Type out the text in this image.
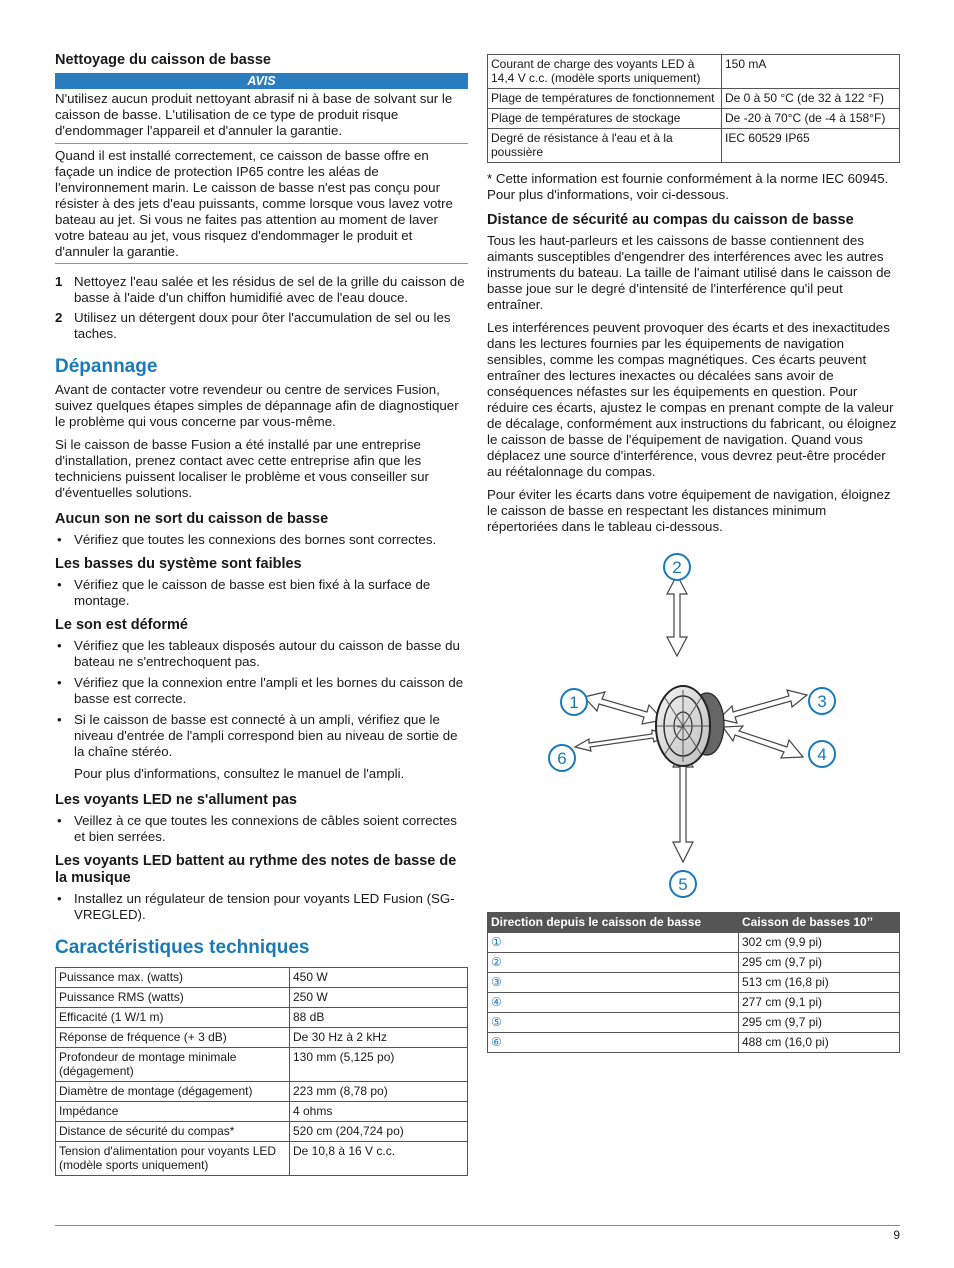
Nettoyage du caisson de basse
AVIS

N'utilisez aucun produit nettoyant abrasif ni à base de solvant sur le caisson de basse. L'utilisation de ce type de produit risque d'endommager l'appareil et d'annuler la garantie.

Quand il est installé correctement, ce caisson de basse offre en façade un indice de protection IP65 contre les aléas de l'environnement marin. Le caisson de basse n'est pas conçu pour résister à des jets d'eau puissants, comme lorsque vous lavez votre bateau au jet. Si vous ne faites pas attention au moment de laver votre bateau au jet, vous risquez d'endommager le produit et d'annuler la garantie.

1 Nettoyez l'eau salée et les résidus de sel de la grille du caisson de basse à l'aide d'un chiffon humidifié avec de l'eau douce.
2 Utilisez un détergent doux pour ôter l'accumulation de sel ou les taches.
Dépannage

Avant de contacter votre revendeur ou centre de services Fusion, suivez quelques étapes simples de dépannage afin de diagnostiquer le problème qui vous concerne par vous-même.

Si le caisson de basse Fusion a été installé par une entreprise d'installation, prenez contact avec cette entreprise afin que les techniciens puissent localiser le problème et vous conseiller sur d'éventuelles solutions.

Aucun son ne sort du caisson de basse
• Vérifiez que toutes les connexions des bornes sont correctes.
Les basses du système sont faibles
• Vérifiez que le caisson de basse est bien fixé à la surface de montage.
Le son est déformé
• Vérifiez que les tableaux disposés autour du caisson de basse du bateau ne s'entrechoquent pas.
• Vérifiez que la connexion entre l'ampli et les bornes du caisson de basse est correcte.
• Si le caisson de basse est connecté à un ampli, vérifiez que le niveau d'entrée de l'ampli correspond bien au niveau de sortie de la chaîne stéréo.

Pour plus d'informations, consultez le manuel de l'ampli.

Les voyants LED ne s'allument pas
• Veillez à ce que toutes les connexions de câbles soient correctes et bien serrées.
Les voyants LED battent au rythme des notes de basse de la musique
• Installez un régulateur de tension pour voyants LED Fusion (SG-VREGLED).
Caractéristiques techniques
Puissance max. (watts)	450 W
Puissance RMS (watts)	250 W
Efficacité (1 W/1 m)	88 dB
Réponse de fréquence (+ 3 dB)	De 30 Hz à 2 kHz
Profondeur de montage minimale (dégagement)	130 mm (5,125 po)
Diamètre de montage (dégagement)	223 mm (8,78 po)
Impédance	4 ohms
Distance de sécurité du compas*	520 cm (204,724 po)
Tension d'alimentation pour voyants LED (modèle sports uniquement)	De 10,8 à 16 V c.c.
Courant de charge des voyants LED à 14,4 V c.c. (modèle sports uniquement)	150 mA
Plage de températures de fonctionnement	De 0 à 50 °C (de 32 à 122 °F)
Plage de températures de stockage	De -20 à 70°C (de -4 à 158°F)
Degré de résistance à l'eau et à la poussière	IEC 60529 IP65

* Cette information est fournie conformément à la norme IEC 60945. Pour plus d'informations, voir ci-dessous.

Distance de sécurité au compas du caisson de basse

Tous les haut-parleurs et les caissons de basse contiennent des aimants susceptibles d'engendrer des interférences avec les autres instruments du bateau. La taille de l'aimant utilisé dans le caisson de basse joue sur le degré d'intensité de l'interférence qu'il peut entraîner.

Les interférences peuvent provoquer des écarts et des inexactitudes dans les lectures fournies par les équipements de navigation sensibles, comme les compas magnétiques. Ces écarts peuvent entraîner des lectures inexactes ou décalées sans avoir de conséquences néfastes sur les équipements en question. Pour réduire ces écarts, ajustez le compas en prenant compte de la valeur de décalage, conformément aux instructions du fabricant, ou éloignez le caisson de basse de l'équipement de navigation. Quand vous déplacez une source d'interférence, vous devrez peut-être procéder au réétalonnage du compas.

Pour éviter les écarts dans votre équipement de navigation, éloignez le caisson de basse en respectant les distances minimum répertoriées dans le tableau ci-dessous.

~
2
1	3
4
6
5
Direction depuis le caisson de basse	Caisson de basses 10’’
①	302 cm (9,9 pi)
②	295 cm (9,7 pi)
③	513 cm (16,8 pi)
④	277 cm (9,1 pi)
⑤	295 cm (9,7 pi)
⑥	488 cm (16,0 pi)
9
